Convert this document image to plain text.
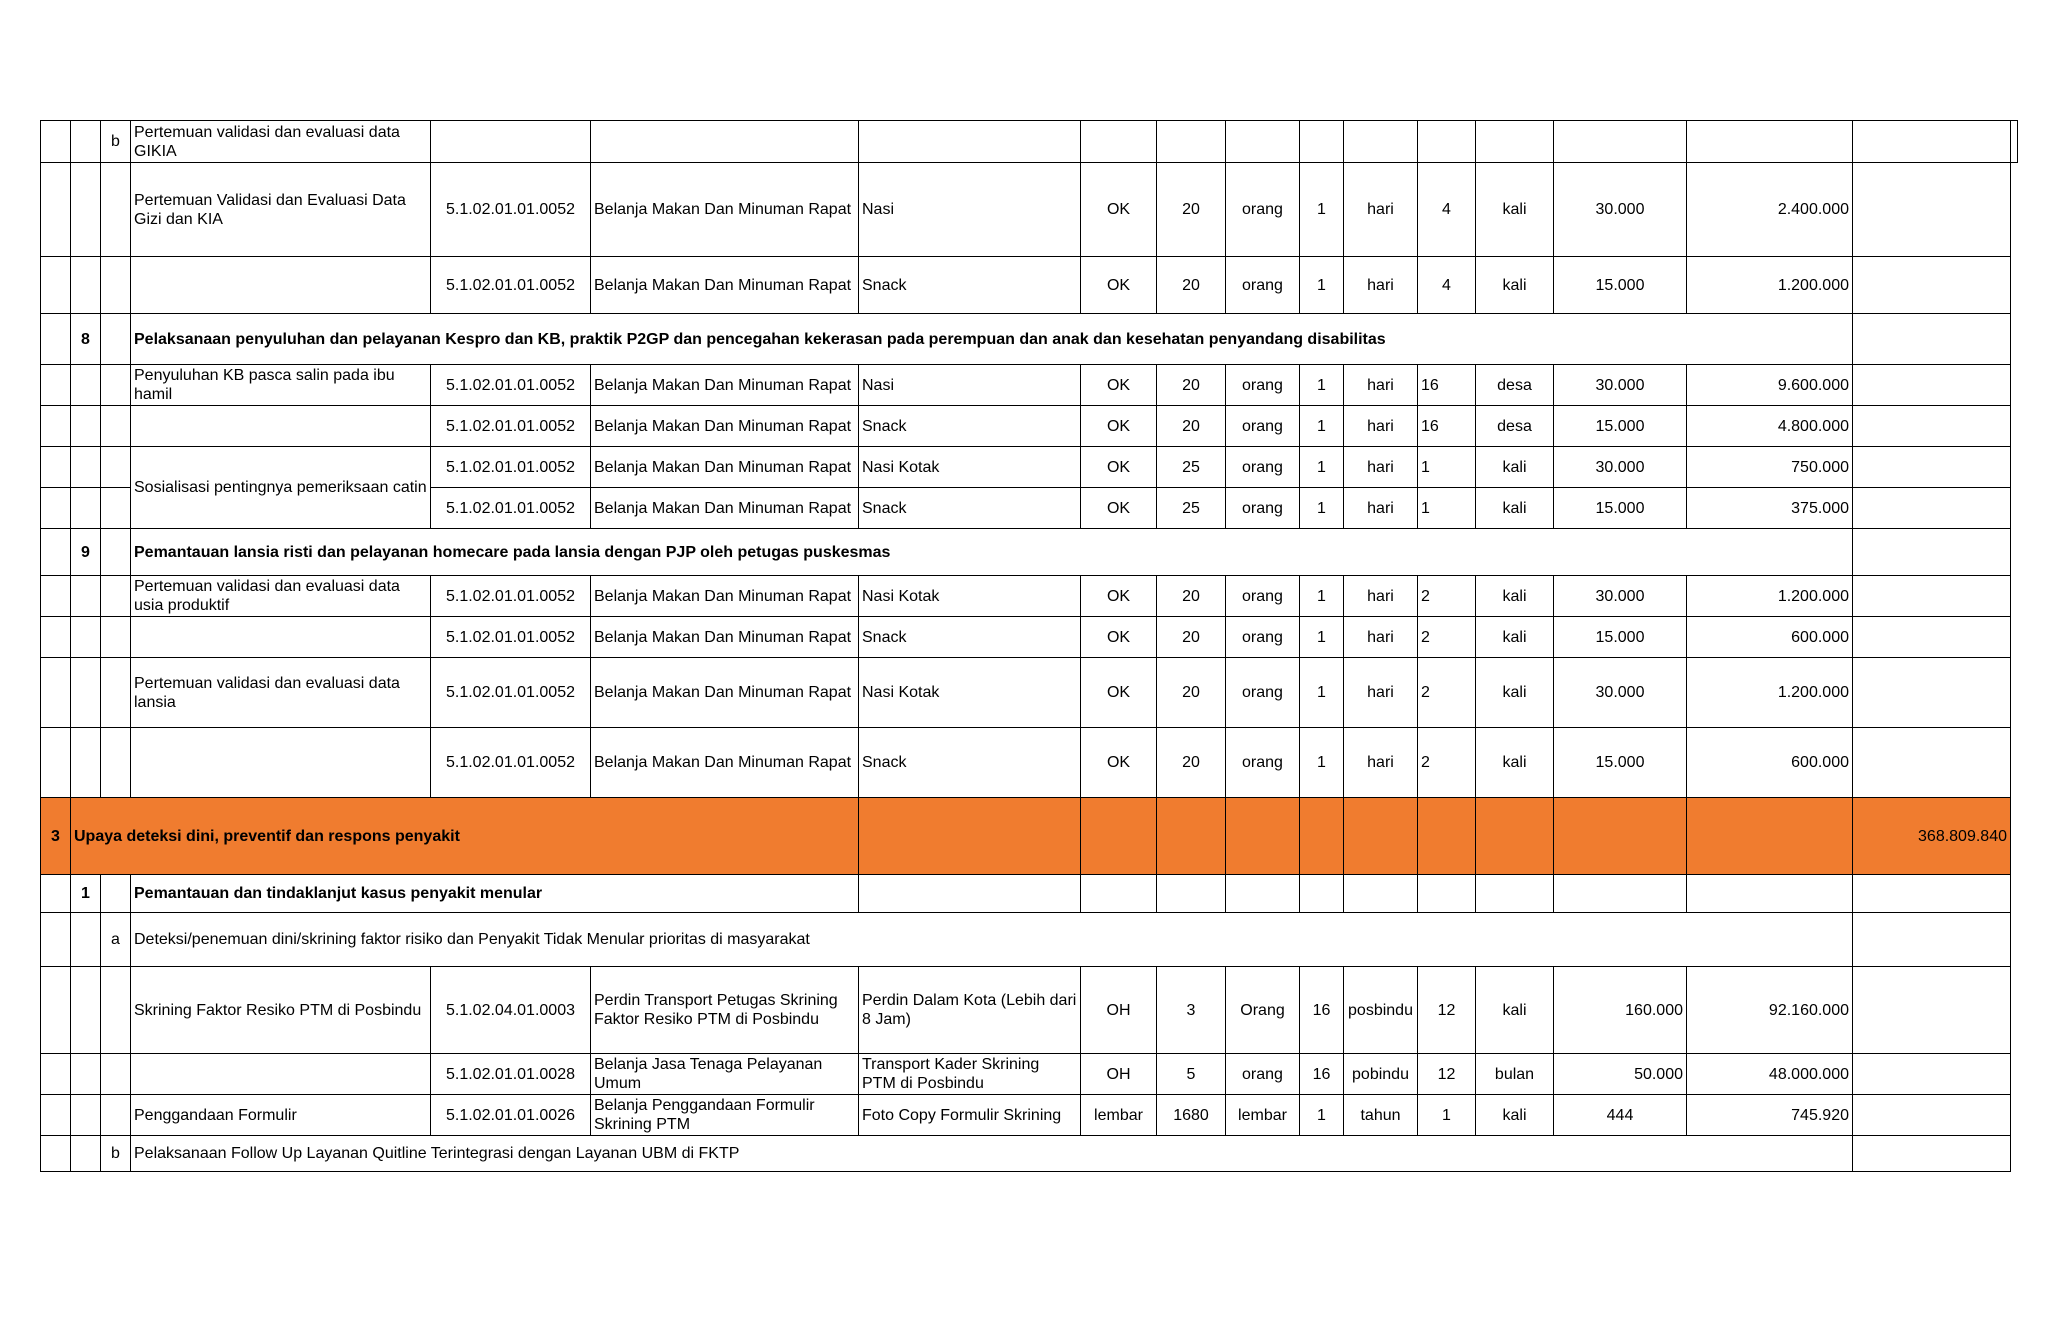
		b	Pertemuan validasi dan evaluasi data GIKIA														
			Pertemuan Validasi dan Evaluasi Data Gizi dan KIA	5.1.02.01.01.0052	Belanja Makan Dan Minuman Rapat	Nasi	OK	20	orang	1	hari	4	kali	30.000	2.400.000		
				5.1.02.01.01.0052	Belanja Makan Dan Minuman Rapat	Snack	OK	20	orang	1	hari	4	kali	15.000	1.200.000		
	8		Pelaksanaan penyuluhan dan pelayanan Kespro dan KB, praktik P2GP dan pencegahan kekerasan pada perempuan dan anak dan kesehatan penyandang disabilitas														
			Penyuluhan KB pasca salin pada ibu hamil	5.1.02.01.01.0052	Belanja Makan Dan Minuman Rapat	Nasi	OK	20	orang	1	hari	16	desa	30.000	9.600.000		
				5.1.02.01.01.0052	Belanja Makan Dan Minuman Rapat	Snack	OK	20	orang	1	hari	16	desa	15.000	4.800.000		
			Sosialisasi pentingnya pemeriksaan catin	5.1.02.01.01.0052	Belanja Makan Dan Minuman Rapat	Nasi Kotak	OK	25	orang	1	hari	1	kali	30.000	750.000		
				5.1.02.01.01.0052	Belanja Makan Dan Minuman Rapat	Snack	OK	25	orang	1	hari	1	kali	15.000	375.000		
	9		Pemantauan lansia risti dan pelayanan homecare pada lansia dengan PJP oleh petugas puskesmas														
			Pertemuan validasi dan evaluasi data usia produktif	5.1.02.01.01.0052	Belanja Makan Dan Minuman Rapat	Nasi Kotak	OK	20	orang	1	hari	2	kali	30.000	1.200.000		
				5.1.02.01.01.0052	Belanja Makan Dan Minuman Rapat	Snack	OK	20	orang	1	hari	2	kali	15.000	600.000		
			Pertemuan validasi dan evaluasi data lansia	5.1.02.01.01.0052	Belanja Makan Dan Minuman Rapat	Nasi Kotak	OK	20	orang	1	hari	2	kali	30.000	1.200.000		
				5.1.02.01.01.0052	Belanja Makan Dan Minuman Rapat	Snack	OK	20	orang	1	hari	2	kali	15.000	600.000		
3	Upaya deteksi dini, preventif dan respons penyakit															368.809.840	
	1		Pemantauan dan tindaklanjut kasus penyakit menular														
		a	Deteksi/penemuan dini/skrining faktor risiko dan Penyakit Tidak Menular prioritas di masyarakat														
			Skrining Faktor Resiko PTM di Posbindu	5.1.02.04.01.0003	Perdin Transport Petugas Skrining Faktor Resiko PTM di Posbindu	Perdin Dalam Kota (Lebih dari 8 Jam)	OH	3	Orang	16	posbindu	12	kali	160.000	92.160.000		
				5.1.02.01.01.0028	Belanja Jasa Tenaga Pelayanan Umum	Transport Kader Skrining PTM di Posbindu	OH	5	orang	16	pobindu	12	bulan	50.000	48.000.000		
			Penggandaan Formulir	5.1.02.01.01.0026	Belanja Penggandaan Formulir Skrining PTM	Foto Copy Formulir Skrining	lembar	1680	lembar	1	tahun	1	kali	444	745.920		
		b	Pelaksanaan Follow Up Layanan Quitline Terintegrasi dengan Layanan UBM di FKTP														
